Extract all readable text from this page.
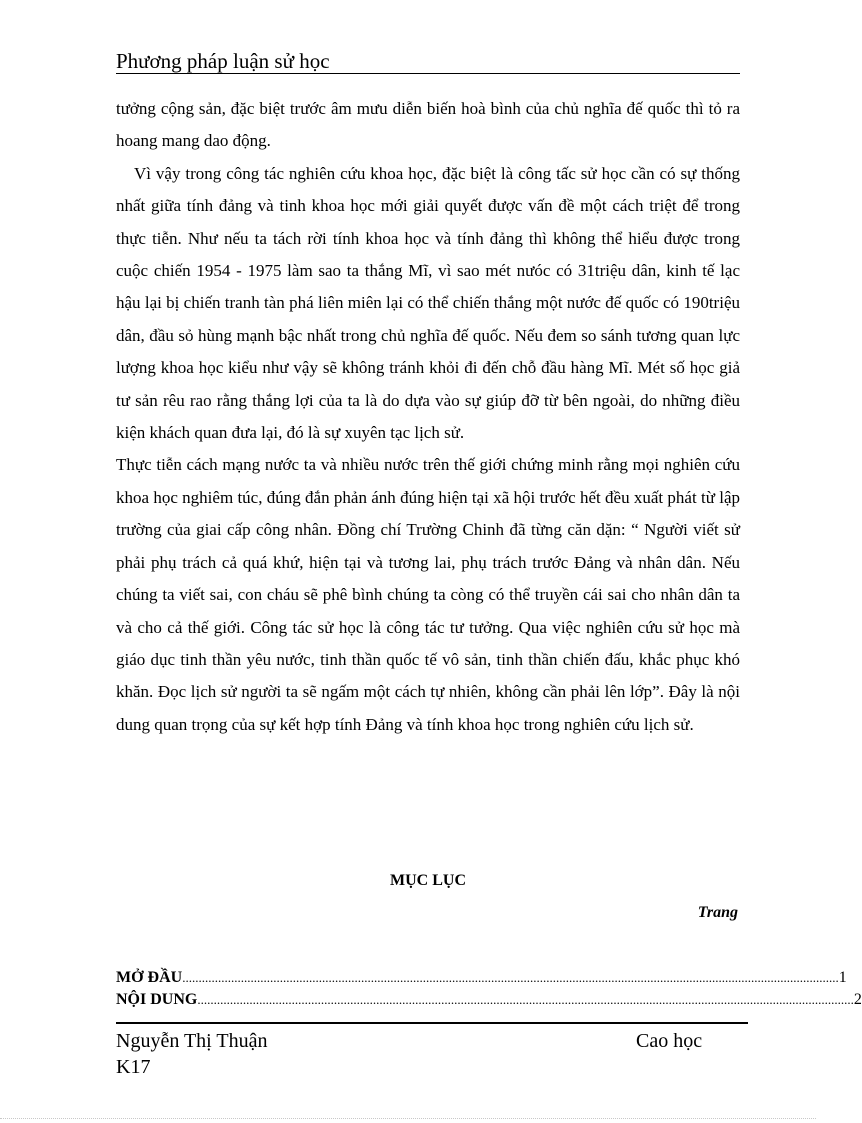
Phương pháp luận sử học

tưởng cộng sản, đặc biệt trước âm mưu diễn biến hoà bình của chủ nghĩa đế quốc thì tỏ ra hoang mang dao động.

Vì vậy trong công tác nghiên cứu khoa học, đặc biệt là công tấc sử học cần có sự thống nhất giữa tính đảng và tinh khoa học mới giải quyết được vấn đề một cách triệt để trong thực tiễn. Như nếu ta tách rời tính khoa học và tính đảng thì không thể hiểu được trong cuộc chiến 1954 - 1975 làm sao ta thắng Mĩ, vì sao mét nưóc có 31triệu dân, kinh tế lạc hậu lại bị chiến tranh tàn phá liên miên lại có thể chiến thắng một nước đế quốc có 190triệu dân, đầu sỏ hùng mạnh bậc nhất trong chủ nghĩa đế quốc. Nếu đem so sánh tương quan lực lượng khoa học kiểu như vậy sẽ không tránh khỏi đi đến chỗ đầu hàng Mĩ. Mét số học giả tư sản rêu rao rằng thắng lợi của ta là do dựa vào sự giúp đỡ từ bên ngoài, do những điều kiện khách quan đưa lại, đó là sự xuyên tạc lịch sử.

Thực tiễn cách mạng nước ta và nhiều nước trên thế giới chứng minh rằng mọi nghiên cứu khoa học nghiêm túc, đúng đắn phản ánh đúng hiện tại xã hội trước hết đều xuất phát từ lập trường của giai cấp công nhân. Đồng chí Trường Chinh đã từng căn dặn: “ Người viết sử phải phụ trách cả quá khứ, hiện tại và tương lai, phụ trách trước Đảng và nhân dân. Nếu chúng ta viết sai, con cháu sẽ phê bình chúng ta còng có thể truyền cái sai cho nhân dân ta và cho cả thế giới. Công tác sử học là công tác tư tưởng. Qua việc nghiên cứu sử học mà giáo dục tinh thần yêu nước, tinh thần quốc tế vô sản, tinh thần chiến đấu, khắc phục khó khăn. Đọc lịch sử người ta sẽ ngấm một cách tự nhiên, không cần phải lên lớp”. Đây là nội dung quan trọng của sự kết hợp tính Đảng và tính khoa học trong nghiên cứu lịch sử.

MỤC LỤC
Trang
MỞ ĐẦU .......................................................................................................................................................................................................... 1
NỘI DUNG .......................................................................................................................................................................................................... 2
Nguyễn Thị Thuận	Cao học
K17
